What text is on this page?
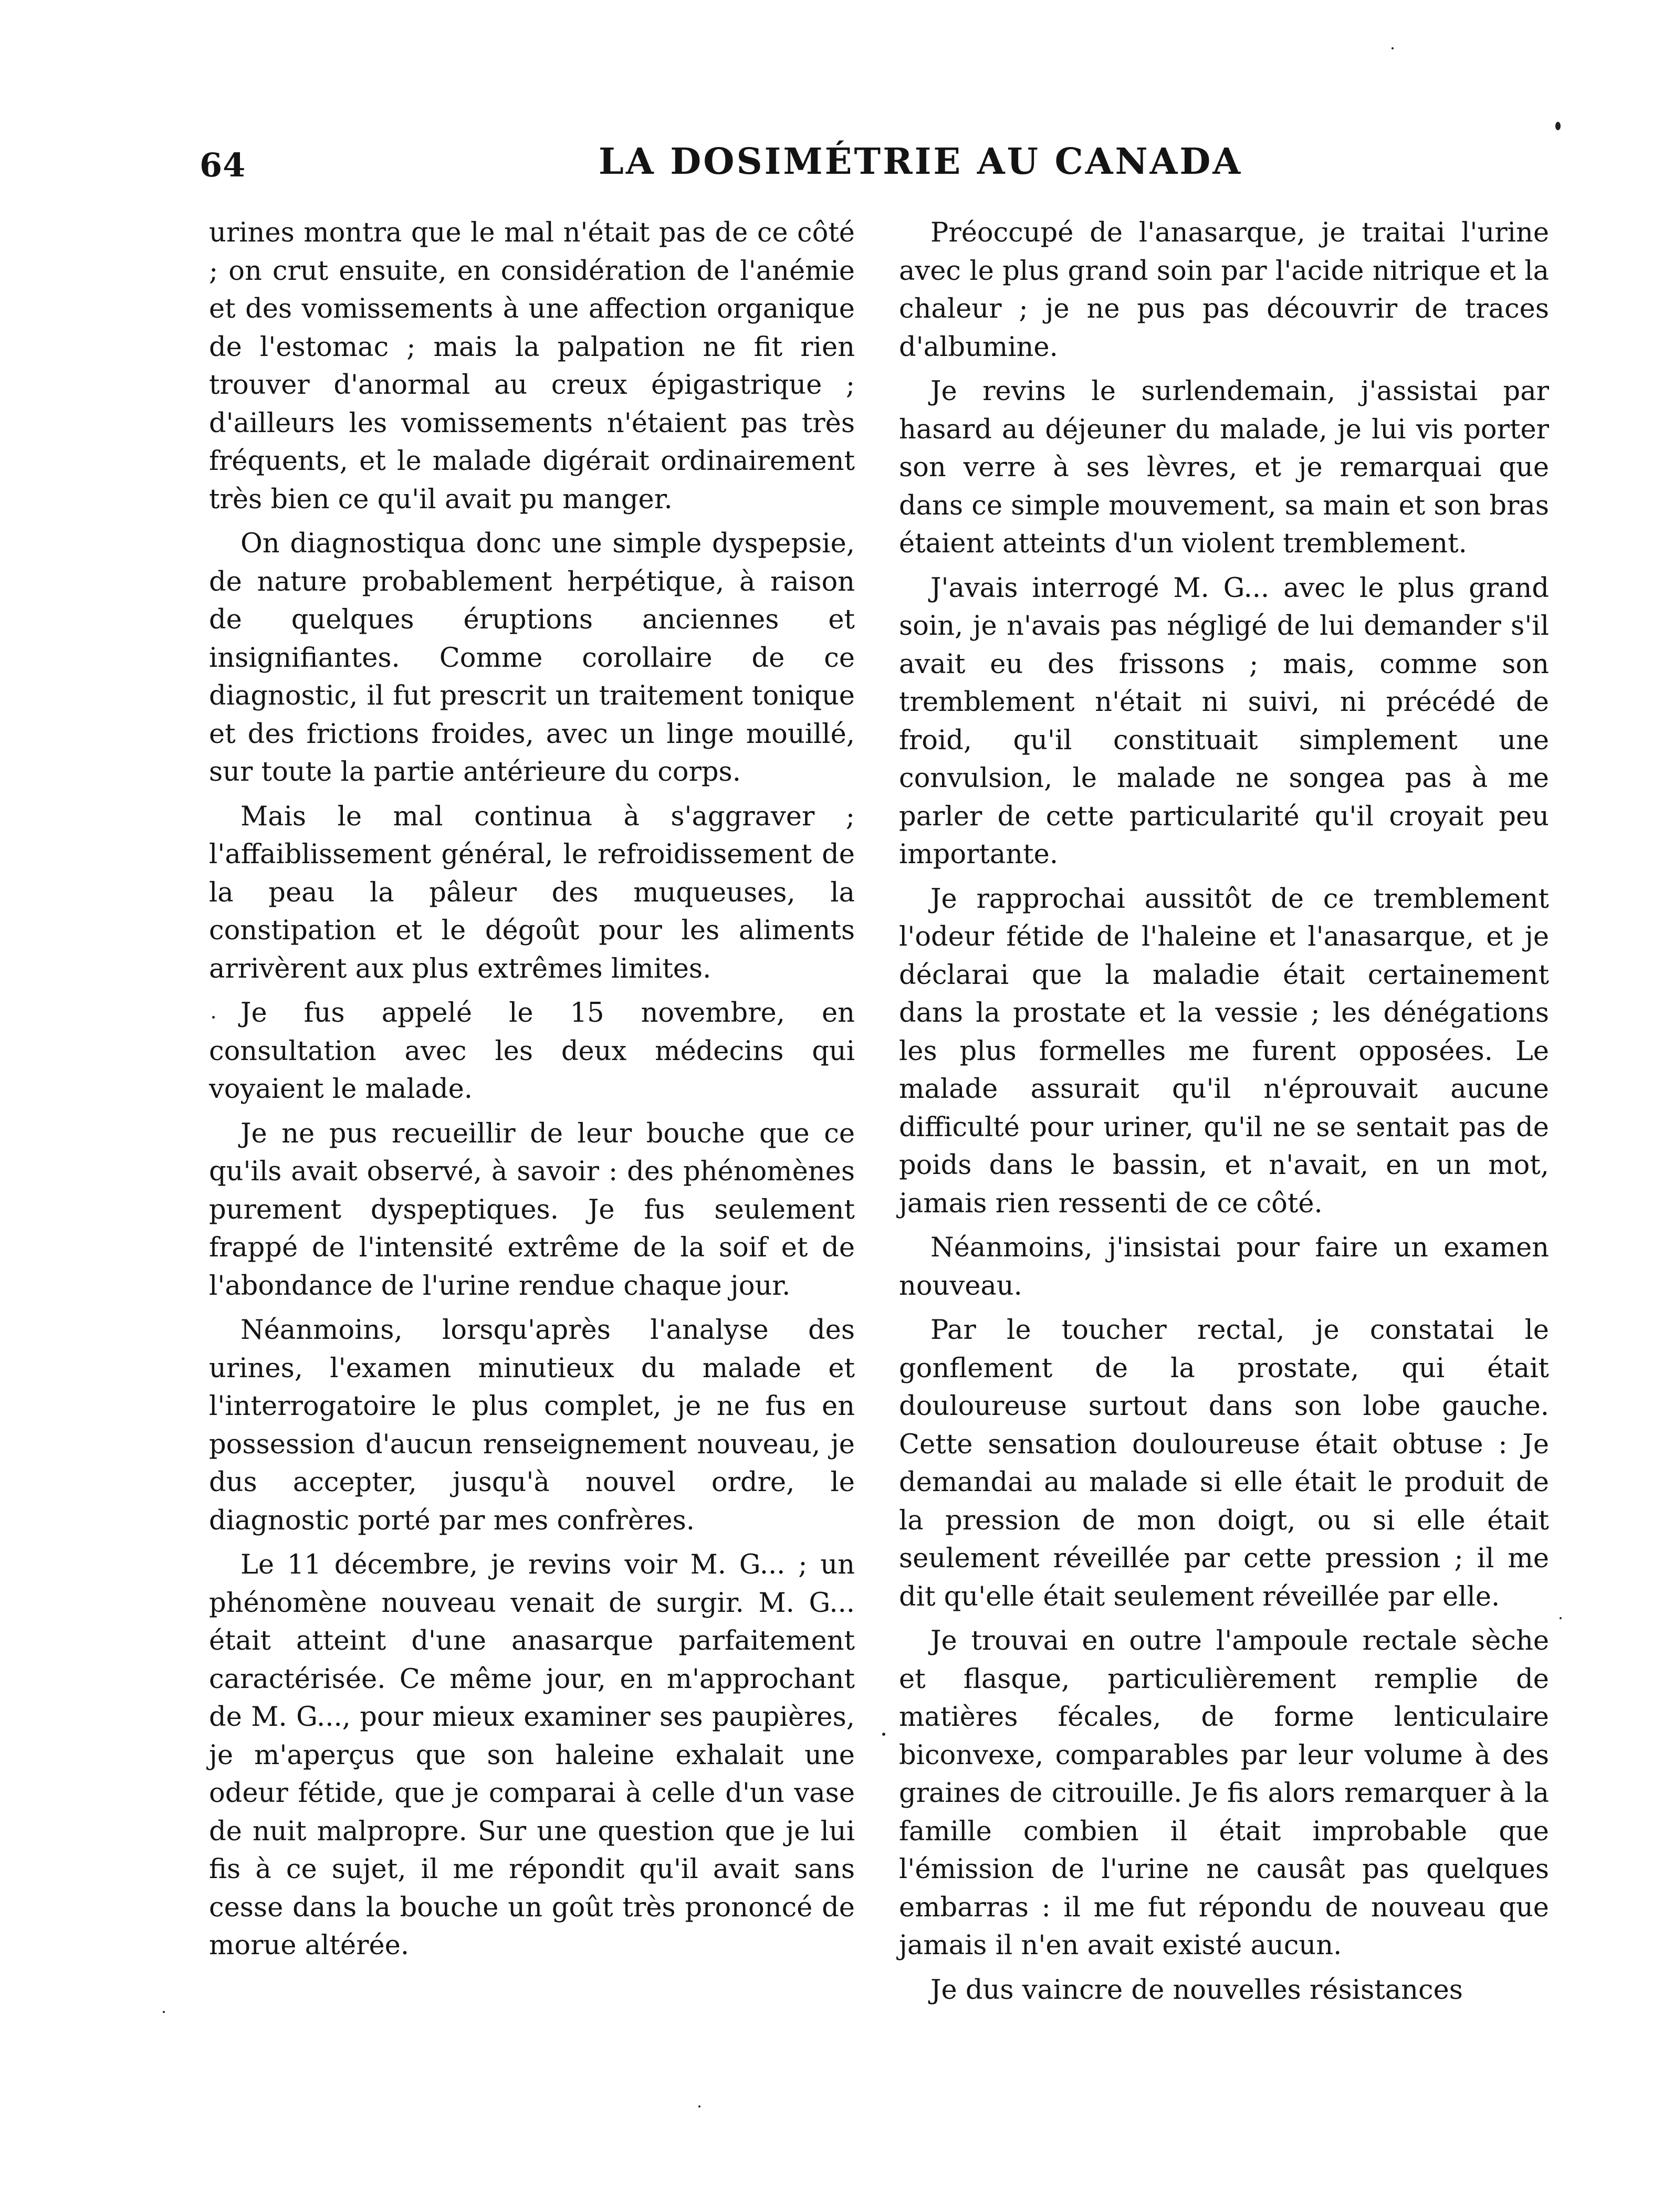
64	LA DOSIMÉTRIE AU CANADA

urines montra que le mal n'était pas de ce côté ; on crut ensuite, en considération de l'anémie et des vomissements à une affection organique de l'estomac ; mais la palpation ne fit rien trouver d'anormal au creux épigastrique ; d'ailleurs les vomissements n'étaient pas très fréquents, et le malade digérait ordinairement très bien ce qu'il avait pu manger.

On diagnostiqua donc une simple dyspepsie, de nature probablement herpétique, à raison de quelques éruptions anciennes et insignifiantes. Comme corollaire de ce diagnostic, il fut prescrit un traitement tonique et des frictions froides, avec un linge mouillé, sur toute la partie antérieure du corps.

Mais le mal continua à s'aggraver ; l'affaiblissement général, le refroidissement de la peau la pâleur des muqueuses, la constipation et le dégoût pour les aliments arrivèrent aux plus extrêmes limites.

Je fus appelé le 15 novembre, en consultation avec les deux médecins qui voyaient le malade.

Je ne pus recueillir de leur bouche que ce qu'ils avait observé, à savoir : des phénomènes purement dyspeptiques. Je fus seulement frappé de l'intensité extrême de la soif et de l'abondance de l'urine rendue chaque jour.

Néanmoins, lorsqu'après l'analyse des urines, l'examen minutieux du malade et l'interrogatoire le plus complet, je ne fus en possession d'aucun renseignement nouveau, je dus accepter, jusqu'à nouvel ordre, le diagnostic porté par mes confrères.

Le 11 décembre, je revins voir M. G... ; un phénomène nouveau venait de surgir. M. G... était atteint d'une anasarque parfaitement caractérisée. Ce même jour, en m'approchant de M. G..., pour mieux examiner ses paupières, je m'aperçus que son haleine exhalait une odeur fétide, que je comparai à celle d'un vase de nuit malpropre. Sur une question que je lui fis à ce sujet, il me répondit qu'il avait sans cesse dans la bouche un goût très prononcé de morue altérée.

Préoccupé de l'anasarque, je traitai l'urine avec le plus grand soin par l'acide nitrique et la chaleur ; je ne pus pas découvrir de traces d'albumine.

Je revins le surlendemain, j'assistai par hasard au déjeuner du malade, je lui vis porter son verre à ses lèvres, et je remarquai que dans ce simple mouvement, sa main et son bras étaient atteints d'un violent tremblement.

J'avais interrogé M. G... avec le plus grand soin, je n'avais pas négligé de lui demander s'il avait eu des frissons ; mais, comme son tremblement n'était ni suivi, ni précédé de froid, qu'il constituait simplement une convulsion, le malade ne songea pas à me parler de cette particularité qu'il croyait peu importante.

Je rapprochai aussitôt de ce tremblement l'odeur fétide de l'haleine et l'anasarque, et je déclarai que la maladie était certainement dans la prostate et la vessie ; les dénégations les plus formelles me furent opposées. Le malade assurait qu'il n'éprouvait aucune difficulté pour uriner, qu'il ne se sentait pas de poids dans le bassin, et n'avait, en un mot, jamais rien ressenti de ce côté.

Néanmoins, j'insistai pour faire un examen nouveau.

Par le toucher rectal, je constatai le gonflement de la prostate, qui était douloureuse surtout dans son lobe gauche. Cette sensation douloureuse était obtuse : Je demandai au malade si elle était le produit de la pression de mon doigt, ou si elle était seulement réveillée par cette pression ; il me dit qu'elle était seulement réveillée par elle.

Je trouvai en outre l'ampoule rectale sèche et flasque, particulièrement remplie de matières fécales, de forme lenticulaire biconvexe, comparables par leur volume à des graines de citrouille. Je fis alors remarquer à la famille combien il était improbable que l'émission de l'urine ne causât pas quelques embarras : il me fut répondu de nouveau que jamais il n'en avait existé aucun.

Je dus vaincre de nouvelles résistances
